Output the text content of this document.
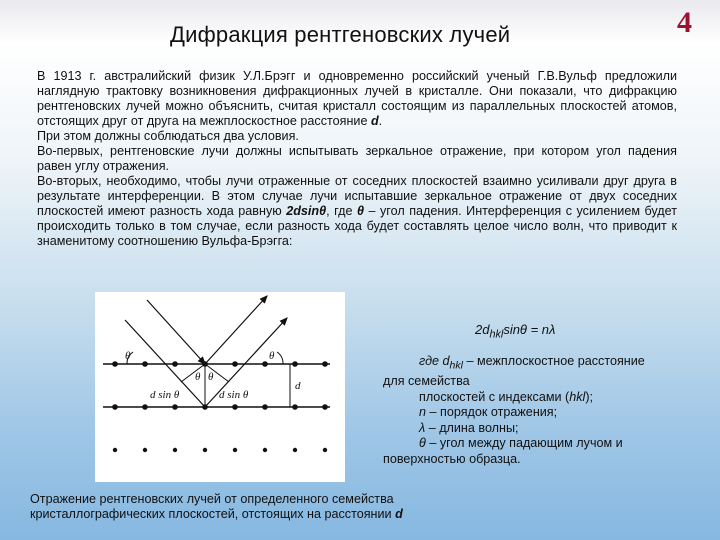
Дифракция рентгеновских лучей	4

В 1913 г. австралийский физик У.Л.Брэгг и одновременно российский ученый Г.В.Вульф предложили наглядную трактовку возникновения дифракционных лучей в кристалле. Они показали, что дифракцию рентгеновских лучей можно объяснить, считая кристалл состоящим из параллельных плоскостей атомов, отстоящих друг от друга на межплоскостное расстояние d.

При этом должны соблюдаться два условия.

Во-первых, рентгеновские лучи должны испытывать зеркальное отражение, при котором угол падения равен углу отражения.

Во-вторых, необходимо, чтобы лучи отраженные от соседних плоскостей взаимно усиливали друг друга в результате интерференции. В этом случае лучи испытавшие зеркальное отражение от двух соседних плоскостей имеют разность хода равную 2dsinθ, где θ – угол падения. Интерференция с усилением будет происходить только в том случае, если разность хода будет составлять целое число волн, что приводит к знаменитому соотношению Вульфа-Брэгга:

θ	θ
θ θ
d sin θ	d sin θ
d
$2d_{hkl}\sin\theta = n\lambda$
где $d_{hkl}$ – межплоскостное расстояние
для семейства
плоскостей с индексами (hkl);
n – порядок отражения;
λ – длина волны;
θ – угол между падающим лучом и
поверхностью образца.
Отражение рентгеновских лучей от определенного семейства кристаллографических плоскостей, отстоящих на расстоянии d
